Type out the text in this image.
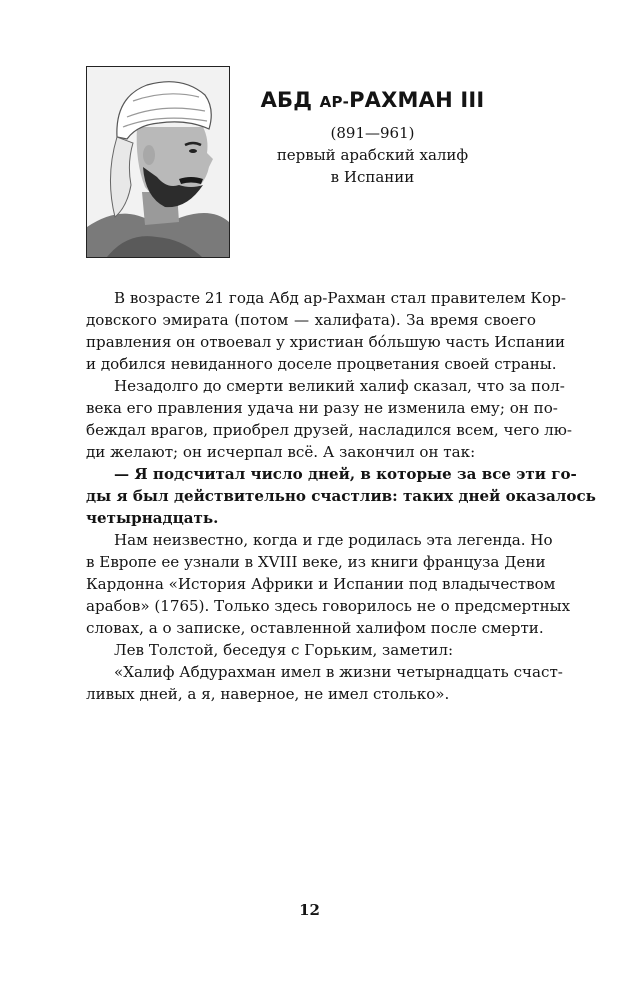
АБД АР-РАХМАН III

(891—961)

первый арабский халиф

в Испании

В возрасте 21 года Абд ар-Рахман стал правителем Кор-
довского эмирата (потом — халифата). За время своего
правления он отвоевал у христиан бóльшую часть Испании
и добился невиданного доселе процветания своей страны.
Незадолго до смерти великий халиф сказал, что за пол-
века его правления удача ни разу не изменила ему; он по-
беждал врагов, приобрел друзей, насладился всем, чего лю-
ди желают; он исчерпал всё. А закончил он так:
— Я подсчитал число дней, в которые за все эти го-
ды я был действительно счастлив: таких дней оказалось
четырнадцать.
Нам неизвестно, когда и где родилась эта легенда. Но
в Европе ее узнали в XVIII веке, из книги француза Дени
Кардонна «История Африки и Испании под владычеством
арабов» (1765). Только здесь говорилось не о предсмертных
словах, а о записке, оставленной халифом после смерти.
Лев Толстой, беседуя с Горьким, заметил:
«Халиф Абдурахман имел в жизни четырнадцать счаст-
ливых дней, а я, наверное, не имел столько».
12
